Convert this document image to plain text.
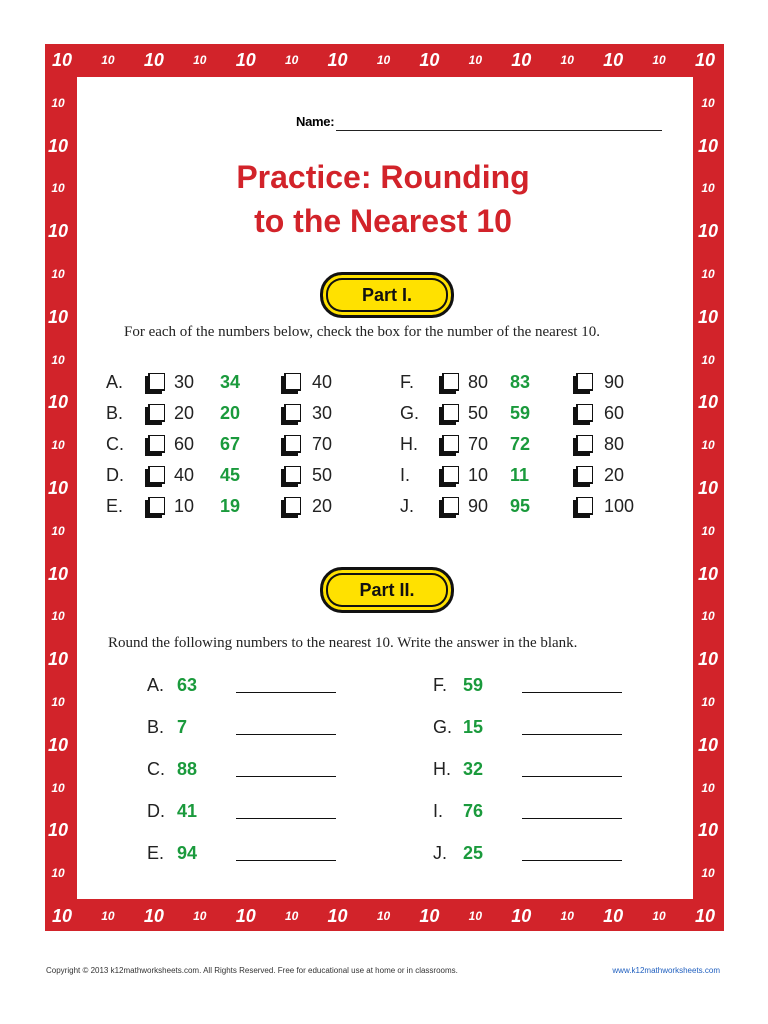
10
10
10
10
10
10
10
10
10
10
10
10
10
10
10
10
10
10
10
10
10
10
10
10
10
10
10
10
10
10
10	10
10	10
10	10
10	10
10	10
10	10
10	10
10	10
10	10
10	10
10	10
10	10
10	10
10	10
10	10
10	10
10	10
10	10
10	10
Name:
Practice: Rounding
to the Nearest 10
Part I.
For each of the numbers below, check the box for the number of the nearest 10.
A.	30 34	40
B.	20 20	30
C.	60 67	70
D.	40 45	50
E.	10 19	20
F.	80 83	90
G.	50 59	60
H.	70 72	80
I.	10 11	20
J.	90 95	100
Part II.
Round the following numbers to the nearest 10. Write the answer in the blank.
A. 63
B. 7
C. 88
D. 41
E. 94
F. 59
G. 15
H. 32
I. 76
J. 25
Copyright © 2013 k12mathworksheets.com. All Rights Reserved. Free for educational use at home or in classrooms.	www.k12mathworksheets.com
